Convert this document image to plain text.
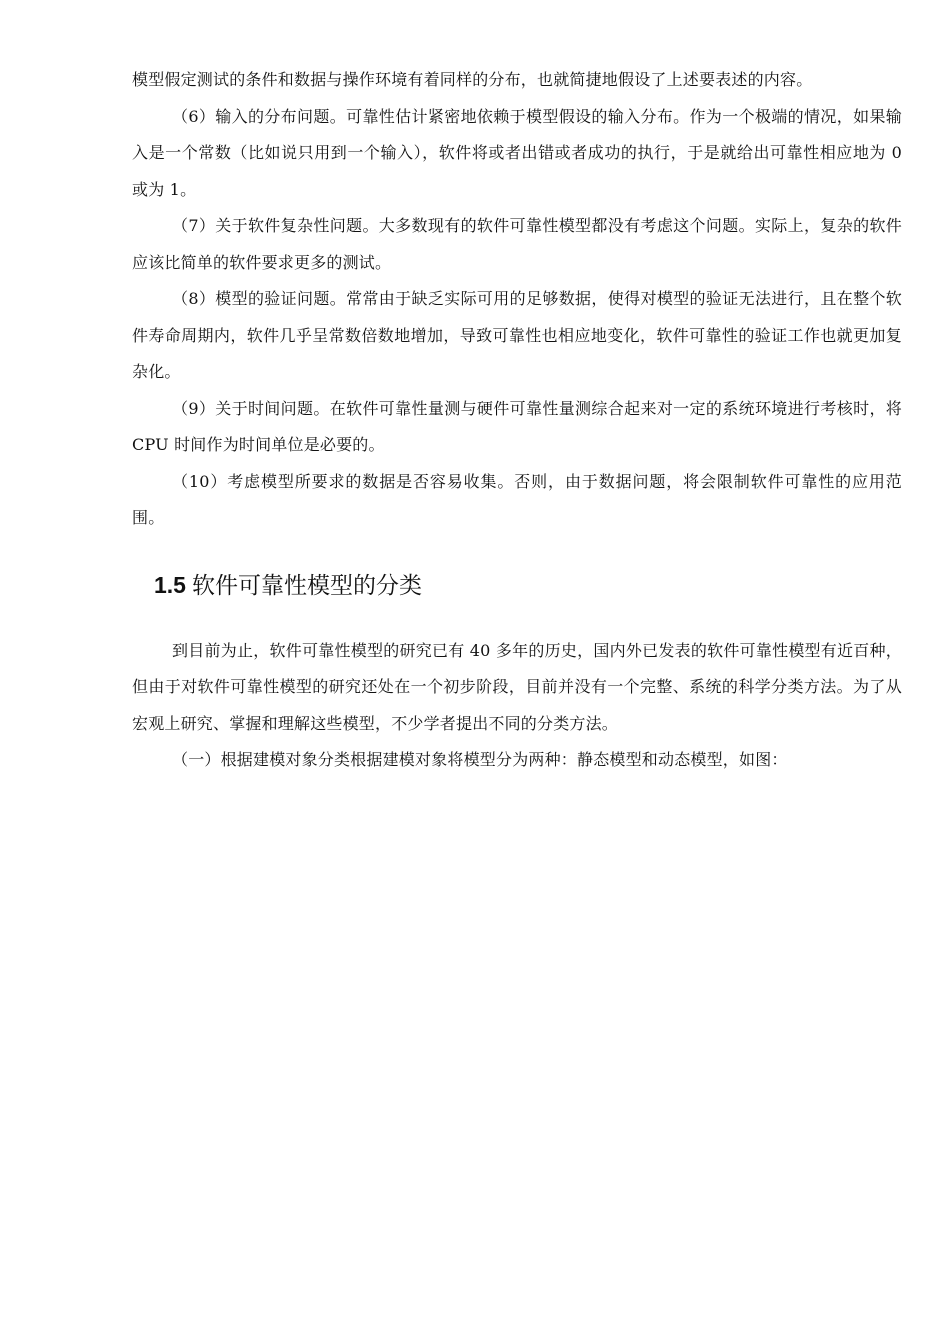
模型假定测试的条件和数据与操作环境有着同样的分布，也就简捷地假设了上述要表述的内容。

（6）输入的分布问题。可靠性估计紧密地依赖于模型假设的输入分布。作为一个极端的情况，如果输入是一个常数（比如说只用到一个输入），软件将或者出错或者成功的执行，于是就给出可靠性相应地为 0 或为 1。

（7）关于软件复杂性问题。大多数现有的软件可靠性模型都没有考虑这个问题。实际上，复杂的软件应该比简单的软件要求更多的测试。

（8）模型的验证问题。常常由于缺乏实际可用的足够数据，使得对模型的验证无法进行，且在整个软件寿命周期内，软件几乎呈常数倍数地增加，导致可靠性也相应地变化，软件可靠性的验证工作也就更加复杂化。

（9）关于时间问题。在软件可靠性量测与硬件可靠性量测综合起来对一定的系统环境进行考核时，将 CPU 时间作为时间单位是必要的。

（10）考虑模型所要求的数据是否容易收集。否则，由于数据问题，将会限制软件可靠性的应用范围。

1.5 软件可靠性模型的分类

到目前为止，软件可靠性模型的研究已有 40 多年的历史，国内外已发表的软件可靠性模型有近百种，但由于对软件可靠性模型的研究还处在一个初步阶段，目前并没有一个完整、系统的科学分类方法。为了从宏观上研究、掌握和理解这些模型，不少学者提出不同的分类方法。

（一）根据建模对象分类根据建模对象将模型分为两种：静态模型和动态模型，如图：
